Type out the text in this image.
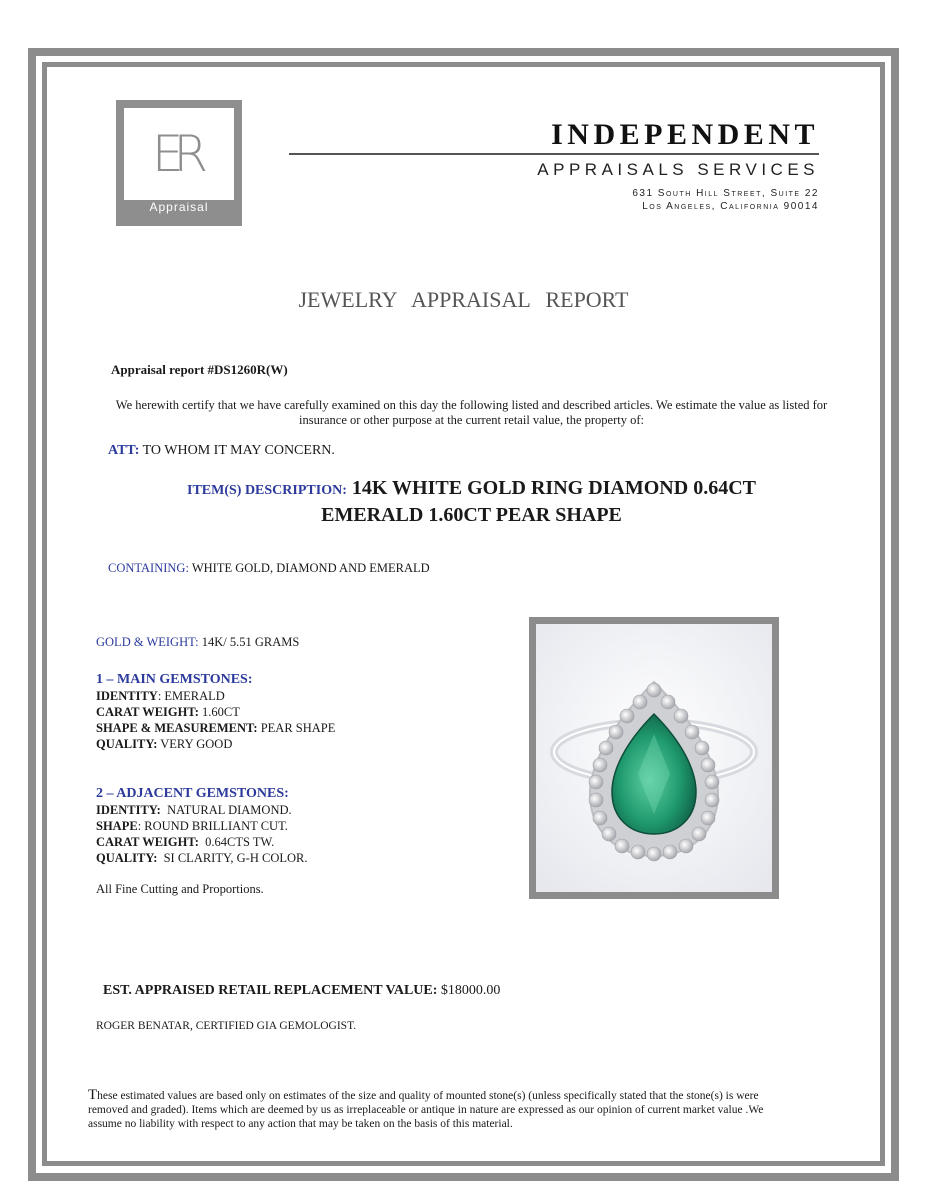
ER
Appraisal
INDEPENDENT
APPRAISALS SERVICES
631 South Hill Street, Suite 22
Los Angeles, California 90014
JEWELRY APPRAISAL REPORT
Appraisal report #DS1260R(W)
We herewith certify that we have carefully examined on this day the following listed and described articles. We estimate the value as listed for insurance or other purpose at the current retail value, the property of:
ATT: TO WHOM IT MAY CONCERN.
ITEM(S) DESCRIPTION: 14K WHITE GOLD RING DIAMOND 0.64CT
EMERALD 1.60CT PEAR SHAPE
CONTAINING: WHITE GOLD, DIAMOND AND EMERALD
GOLD & WEIGHT: 14K/ 5.51 GRAMS
1 – MAIN GEMSTONES:
IDENTITY: EMERALD
CARAT WEIGHT: 1.60CT
SHAPE & MEASUREMENT: PEAR SHAPE
QUALITY: VERY GOOD
2 – ADJACENT GEMSTONES:
IDENTITY:  NATURAL DIAMOND.
SHAPE: ROUND BRILLIANT CUT.
CARAT WEIGHT:  0.64CTS TW.
QUALITY:  SI CLARITY, G-H COLOR.
All Fine Cutting and Proportions.
EST. APPRAISED RETAIL REPLACEMENT VALUE: $18000.00
ROGER BENATAR, CERTIFIED GIA GEMOLOGIST.
These estimated values are based only on estimates of the size and quality of mounted stone(s) (unless specifically stated that the stone(s) is were removed and graded). Items which are deemed by us as irreplaceable or antique in nature are expressed as our opinion of current market value .We assume no liability with respect to any action that may be taken on the basis of this material.
